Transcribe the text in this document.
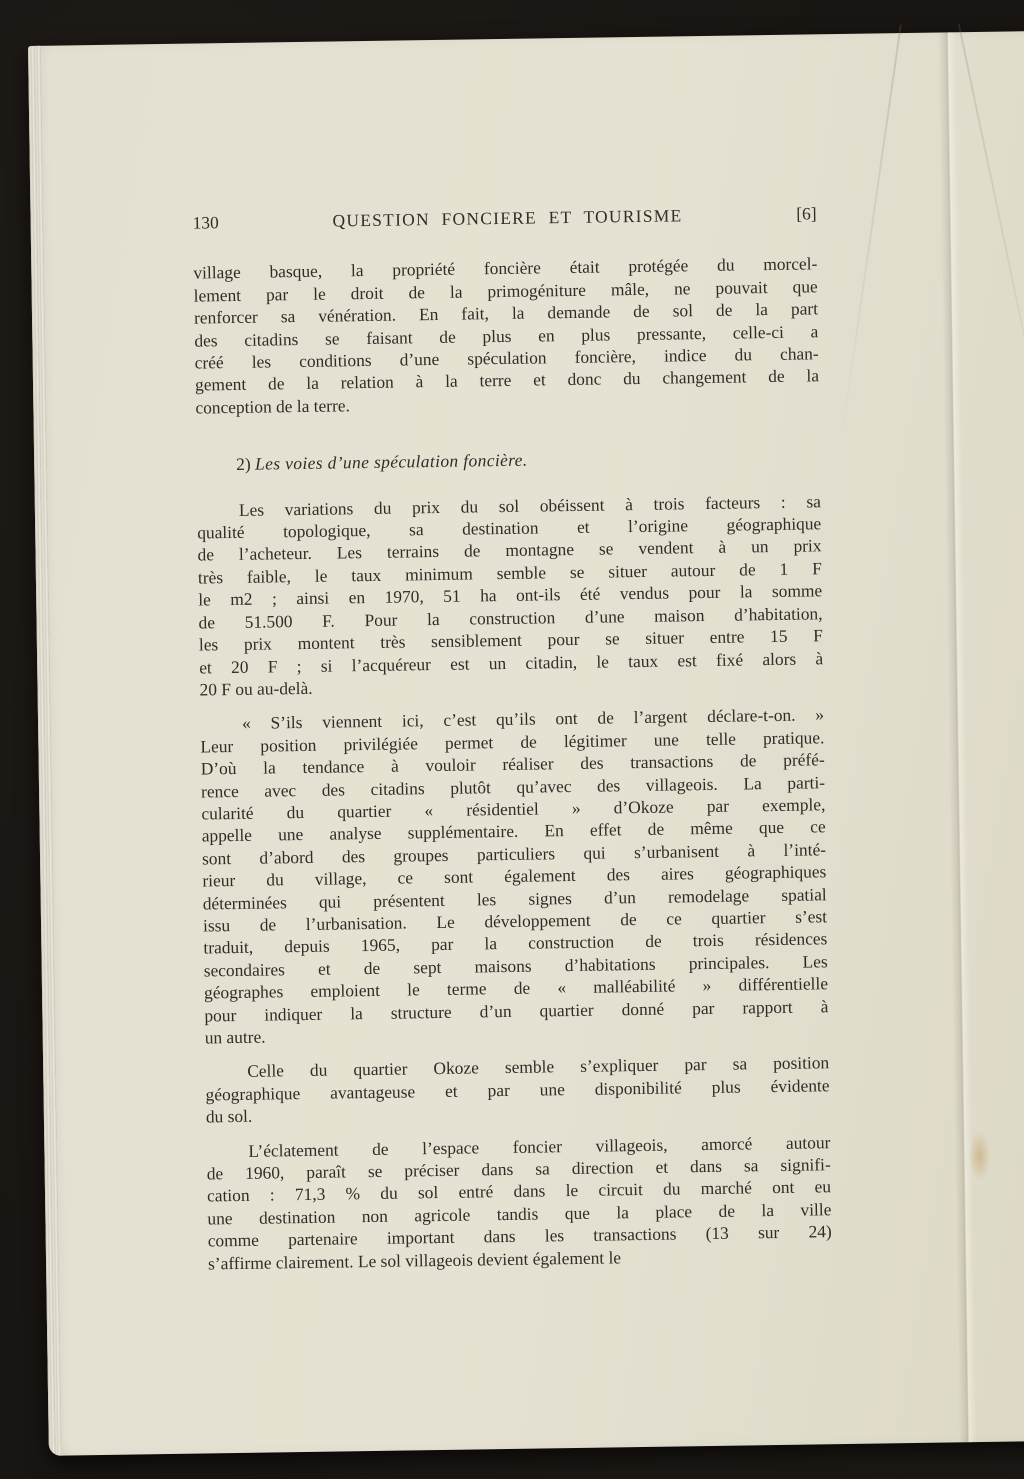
130	QUESTION FONCIERE ET TOURISME	[6]
village basque, la propriété foncière était protégée du morcel-
lement par le droit de la primogéniture mâle, ne pouvait que
renforcer sa vénération. En fait, la demande de sol de la part
des citadins se faisant de plus en plus pressante, celle-ci a
créé les conditions d’une spéculation foncière, indice du chan-
gement de la relation à la terre et donc du changement de la
conception de la terre.
2) Les voies d’une spéculation foncière.
Les variations du prix du sol obéissent à trois facteurs : sa
qualité topologique, sa destination et l’origine géographique
de l’acheteur. Les terrains de montagne se vendent à un prix
très faible, le taux minimum semble se situer autour de 1 F
le m2 ; ainsi en 1970, 51 ha ont-ils été vendus pour la somme
de 51.500 F. Pour la construction d’une maison d’habitation,
les prix montent très sensiblement pour se situer entre 15 F
et 20 F ; si l’acquéreur est un citadin, le taux est fixé alors à
20 F ou au-delà.
« S’ils viennent ici, c’est qu’ils ont de l’argent déclare-t-on. »
Leur position privilégiée permet de légitimer une telle pratique.
D’où la tendance à vouloir réaliser des transactions de préfé-
rence avec des citadins plutôt qu’avec des villageois. La parti-
cularité du quartier « résidentiel » d’Okoze par exemple,
appelle une analyse supplémentaire. En effet de même que ce
sont d’abord des groupes particuliers qui s’urbanisent à l’inté-
rieur du village, ce sont également des aires géographiques
déterminées qui présentent les signes d’un remodelage spatial
issu de l’urbanisation. Le développement de ce quartier s’est
traduit, depuis 1965, par la construction de trois résidences
secondaires et de sept maisons d’habitations principales. Les
géographes emploient le terme de « malléabilité » différentielle
pour indiquer la structure d’un quartier donné par rapport à
un autre.
Celle du quartier Okoze semble s’expliquer par sa position
géographique avantageuse et par une disponibilité plus évidente
du sol.
L’éclatement de l’espace foncier villageois, amorcé autour
de 1960, paraît se préciser dans sa direction et dans sa signifi-
cation : 71,3 % du sol entré dans le circuit du marché ont eu
une destination non agricole tandis que la place de la ville
comme partenaire important dans les transactions (13 sur 24)
s’affirme clairement. Le sol villageois devient également le
